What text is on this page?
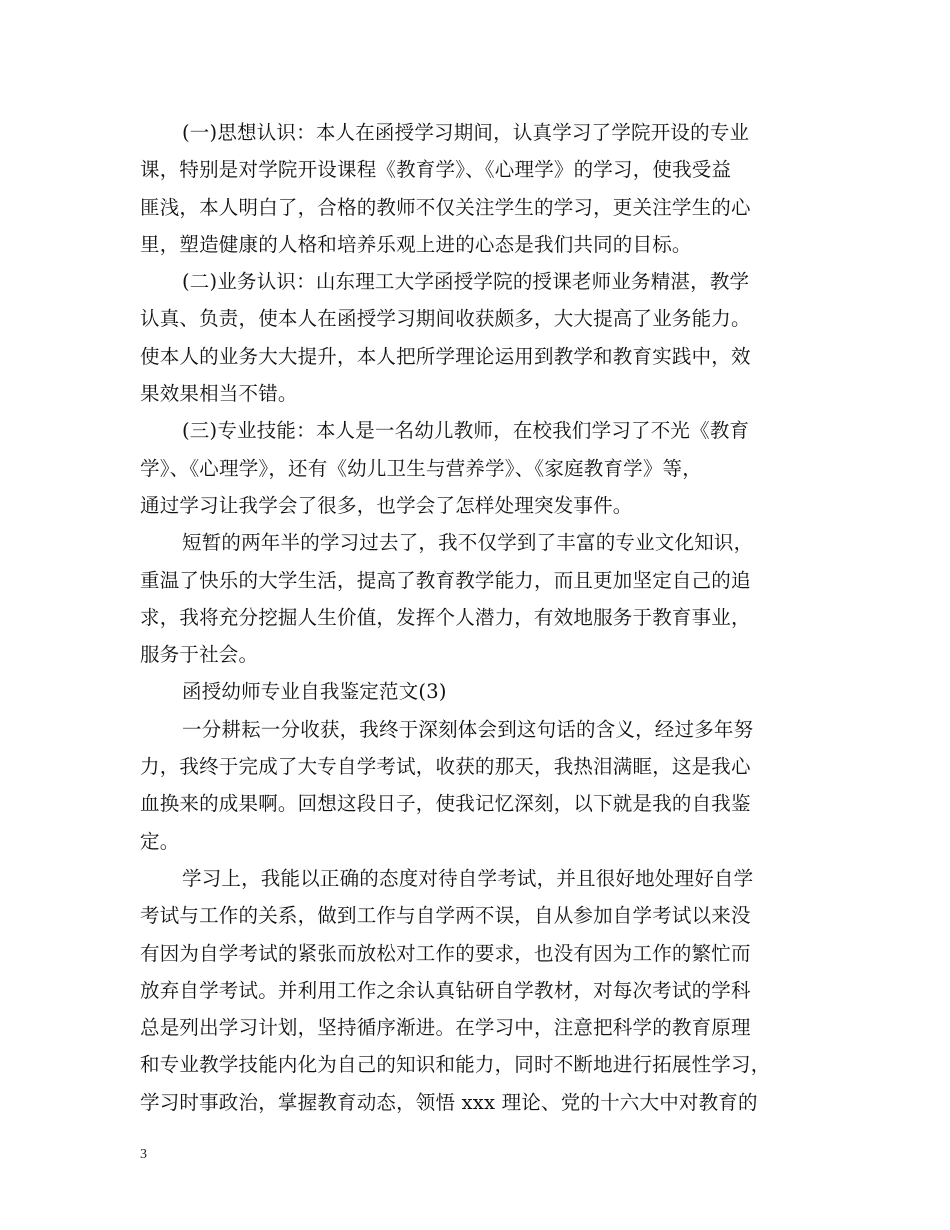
(一)思想认识：本人在函授学习期间，认真学习了学院开设的专业
课，特别是对学院开设课程《教育学》、《心理学》的学习，使我受益
匪浅，本人明白了，合格的教师不仅关注学生的学习，更关注学生的心
里，塑造健康的人格和培养乐观上进的心态是我们共同的目标。
(二)业务认识：山东理工大学函授学院的授课老师业务精湛，教学
认真、负责，使本人在函授学习期间收获颇多，大大提高了业务能力。
使本人的业务大大提升，本人把所学理论运用到教学和教育实践中，效
果效果相当不错。
(三)专业技能：本人是一名幼儿教师，在校我们学习了不光《教育
学》、《心理学》，还有《幼儿卫生与营养学》、《家庭教育学》等，
通过学习让我学会了很多，也学会了怎样处理突发事件。
短暂的两年半的学习过去了，我不仅学到了丰富的专业文化知识，
重温了快乐的大学生活，提高了教育教学能力，而且更加坚定自己的追
求，我将充分挖掘人生价值，发挥个人潜力，有效地服务于教育事业，
服务于社会。
函授幼师专业自我鉴定范文(3)
一分耕耘一分收获，我终于深刻体会到这句话的含义，经过多年努
力，我终于完成了大专自学考试，收获的那天，我热泪满眶，这是我心
血换来的成果啊。回想这段日子，使我记忆深刻，以下就是我的自我鉴
定。
学习上，我能以正确的态度对待自学考试，并且很好地处理好自学
考试与工作的关系，做到工作与自学两不误，自从参加自学考试以来没
有因为自学考试的紧张而放松对工作的要求，也没有因为工作的繁忙而
放弃自学考试。并利用工作之余认真钻研自学教材，对每次考试的学科
总是列出学习计划，坚持循序渐进。在学习中，注意把科学的教育原理
和专业教学技能内化为自己的知识和能力，同时不断地进行拓展性学习，
学习时事政治，掌握教育动态，领悟 xxx 理论、党的十六大中对教育的
3
